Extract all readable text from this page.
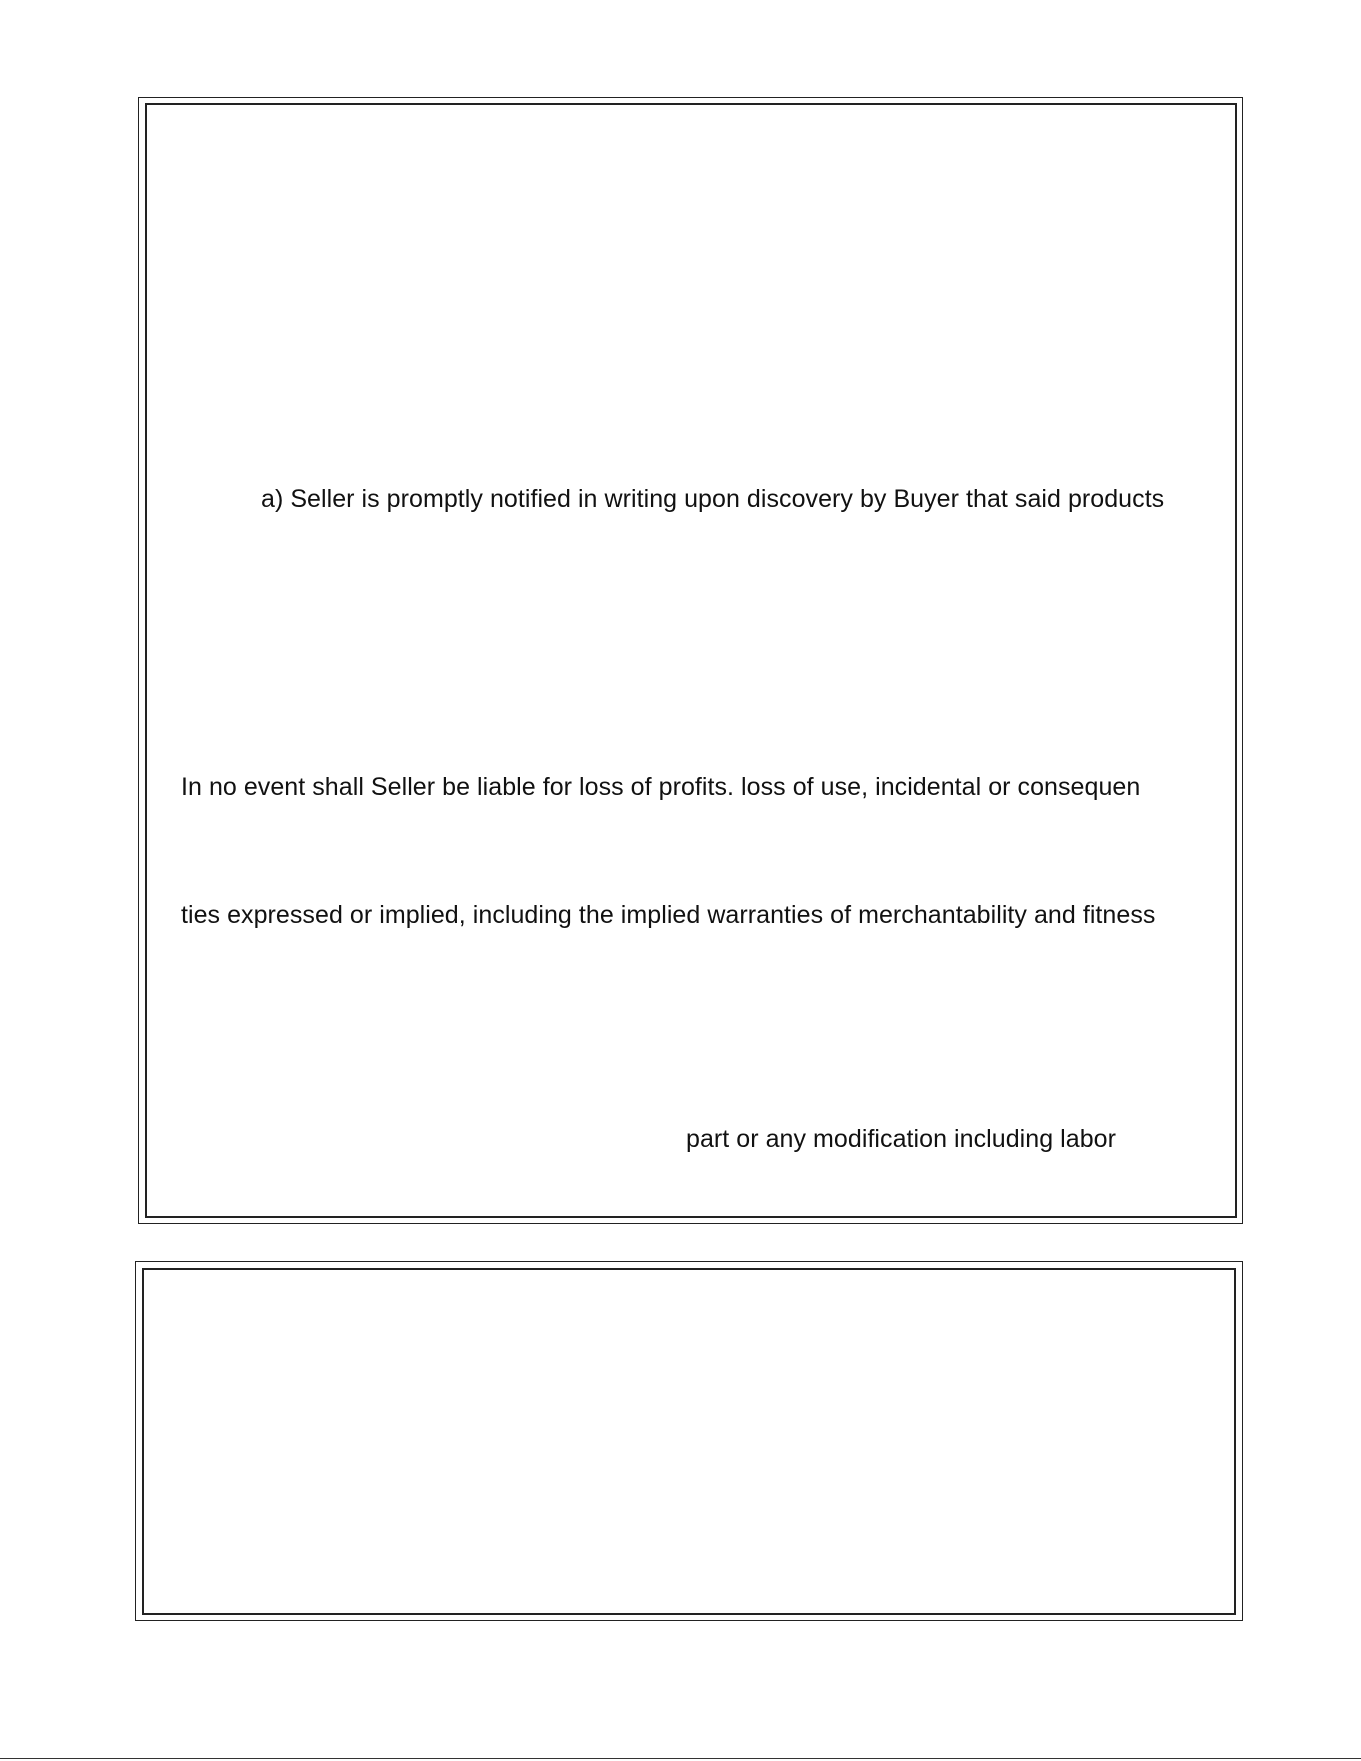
a) Seller is promptly notified in writing upon discovery by Buyer that said products
In no event shall Seller be liable for loss of profits. loss of use, incidental or consequen
ties expressed or implied, including the implied warranties of merchantability and fitness
part or any modification including labor
